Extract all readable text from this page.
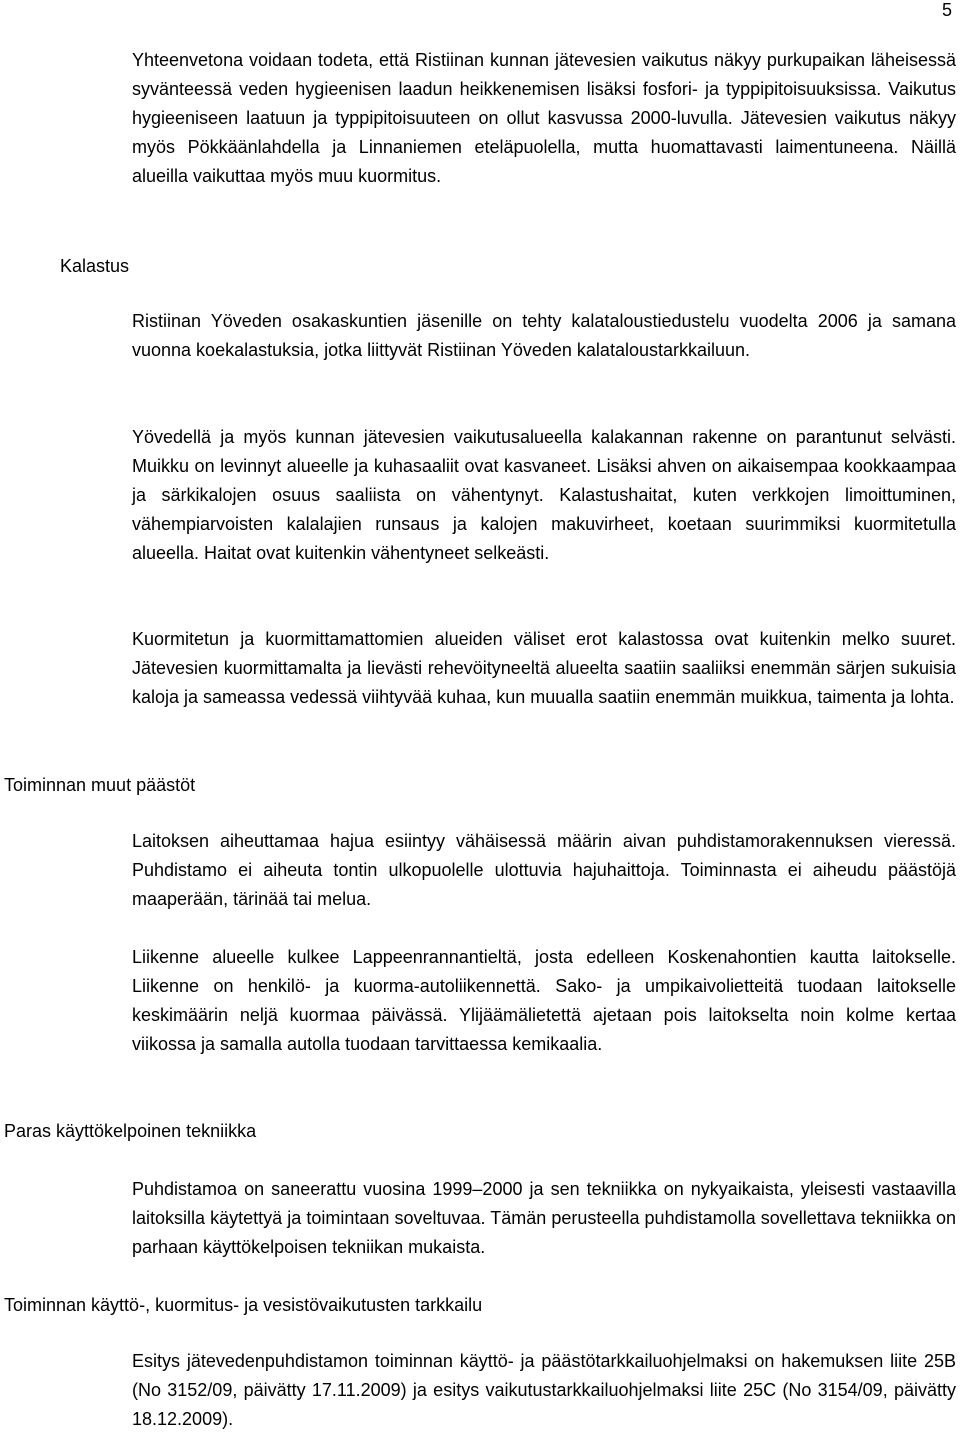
5

Yhteenvetona voidaan todeta, että Ristiinan kunnan jätevesien vaikutus näkyy purkupaikan läheisessä syvänteessä veden hygieenisen laadun heikkenemisen lisäksi fosfori- ja typpipitoisuuksissa. Vaikutus hygieeniseen laatuun ja typpipitoisuuteen on ollut kasvussa 2000-luvulla. Jätevesien vaikutus näkyy myös Pökkäänlahdella ja Linnaniemen eteläpuolella, mutta huomattavasti laimentuneena. Näillä alueilla vaikuttaa myös muu kuormitus.

Kalastus

Ristiinan Yöveden osakaskuntien jäsenille on tehty kalataloustiedustelu vuodelta 2006 ja samana vuonna koekalastuksia, jotka liittyvät Ristiinan Yöveden kalataloustarkkailuun.

Yövedellä ja myös kunnan jätevesien vaikutusalueella kalakannan rakenne on parantunut selvästi. Muikku on levinnyt alueelle ja kuhasaaliit ovat kasvaneet. Lisäksi ahven on aikaisempaa kookkaampaa ja särkikalojen osuus saaliista on vähentynyt. Kalastushaitat, kuten verkkojen limoittuminen, vähempiarvoisten kalalajien runsaus ja kalojen makuvirheet, koetaan suurimmiksi kuormitetulla alueella. Haitat ovat kuitenkin vähentyneet selkeästi.

Kuormitetun ja kuormittamattomien alueiden väliset erot kalastossa ovat kuitenkin melko suuret. Jätevesien kuormittamalta ja lievästi rehevöityneeltä alueelta saatiin saaliiksi enemmän särjen sukuisia kaloja ja sameassa vedessä viihtyvää kuhaa, kun muualla saatiin enemmän muikkua, taimenta ja lohta.

Toiminnan muut päästöt

Laitoksen aiheuttamaa hajua esiintyy vähäisessä määrin aivan puhdistamorakennuksen vieressä. Puhdistamo ei aiheuta tontin ulkopuolelle ulottuvia hajuhaittoja. Toiminnasta ei aiheudu päästöjä maaperään, tärinää tai melua.

Liikenne alueelle kulkee Lappeenrannantieltä, josta edelleen Koskenahontien kautta laitokselle. Liikenne on henkilö- ja kuorma-autoliikennettä. Sako- ja umpikaivolietteitä tuodaan laitokselle keskimäärin neljä kuormaa päivässä. Ylijäämälietettä ajetaan pois laitokselta noin kolme kertaa viikossa ja samalla autolla tuodaan tarvittaessa kemikaalia.

Paras käyttökelpoinen tekniikka

Puhdistamoa on saneerattu vuosina 1999–2000 ja sen tekniikka on nykyaikaista, yleisesti vastaavilla laitoksilla käytettyä ja toimintaan soveltuvaa. Tämän perusteella puhdistamolla sovellettava tekniikka on parhaan käyttökelpoisen tekniikan mukaista.

Toiminnan käyttö-, kuormitus- ja vesistövaikutusten tarkkailu

Esitys jätevedenpuhdistamon toiminnan käyttö- ja päästötarkkailuohjelmaksi on hakemuksen liite 25B (No 3152/09, päivätty 17.11.2009) ja esitys vaikutustarkkailuohjelmaksi liite 25C (No 3154/09, päivätty 18.12.2009).
